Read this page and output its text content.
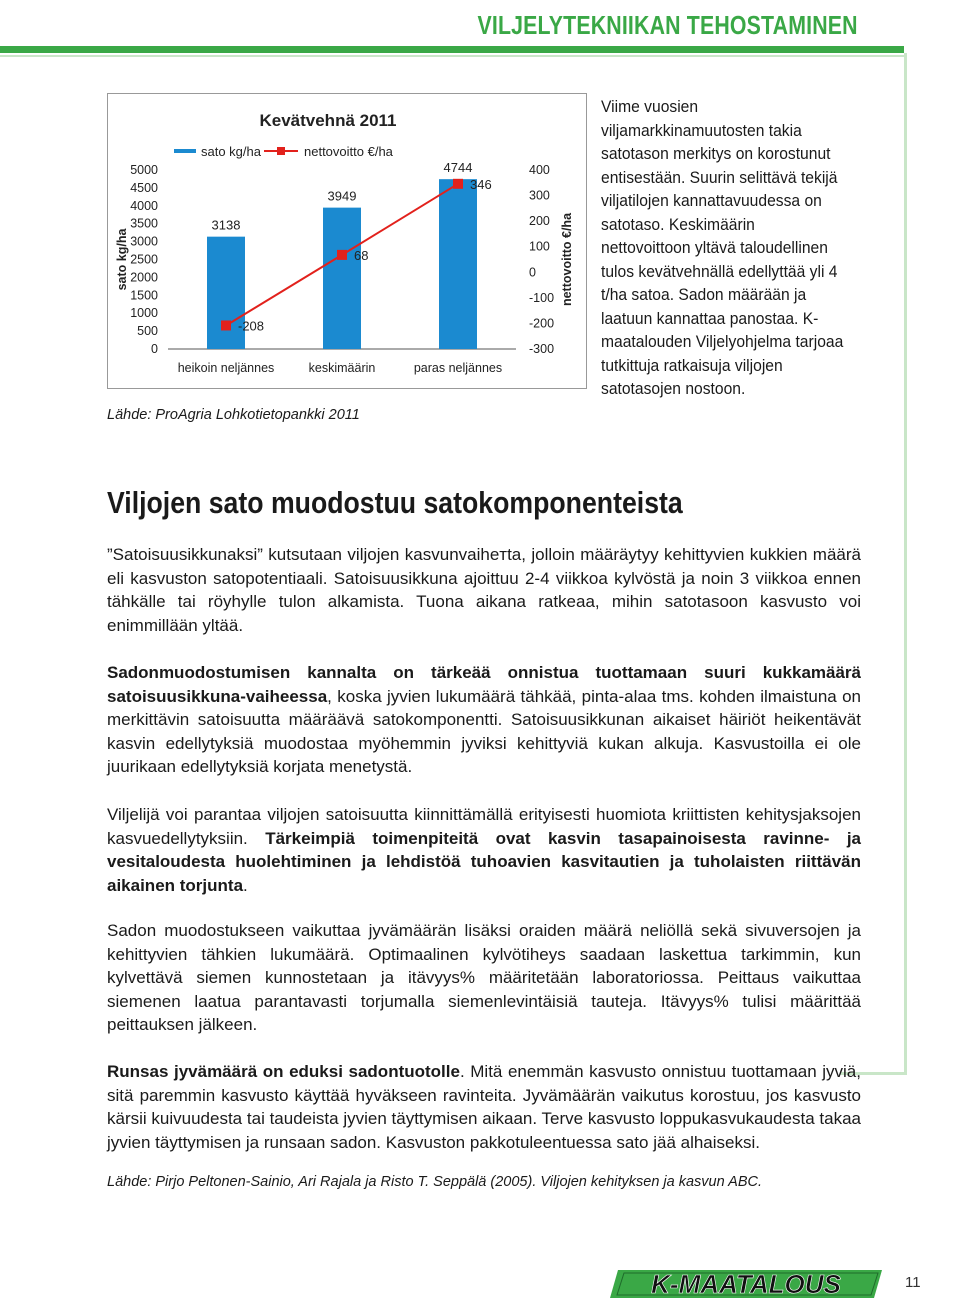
VILJELYTEKNIIKAN TEHOSTAMINEN
Kevätvehnä 2011
sato kg/ha	nettovoitto €/ha
5000
4500
4000
3500
3000
2500
2000
1500
1000
500
0
400
300
200
100
0
-100
-200
-300
sato kg/ha	nettovoitto €/ha
3138
heikoin neljännes
3949
keskimäärin
4744
paras neljännes
-208
68
346

Viime vuosien viljamarkkinamuutosten takia satotason merkitys on korostunut entisestään. Suurin selittävä tekijä viljatilojen kannattavuudessa on satotaso. Keskimäärin nettovoittoon yltävä taloudellinen tulos kevätvehnällä edellyttää yli 4 t/ha satoa. Sadon määrään ja laatuun kannattaa panostaa. K-maatalouden Viljelyohjelma tarjoaa tutkittuja ratkaisuja viljojen satotasojen nostoon.

Lähde: ProAgria Lohkotietopankki 2011
Viljojen sato muodostuu satokomponenteista

”Satoisuusikkunaksi” kutsutaan viljojen kasvunvaiheтta, jolloin määräytyy kehittyvien kukkien määrä eli kasvuston satopotentiaali. Satoisuusikkuna ajoittuu 2-4 viikkoa kylvöstä ja noin 3 viikkoa ennen tähkälle tai röyhylle tulon alkamista. Tuona aikana ratkeaa, mihin satotasoon kasvusto voi enimmillään yltää.

Sadonmuodostumisen kannalta on tärkeää onnistua tuottamaan suuri kukkamäärä satoisuusikkuna-vaiheessa, koska jyvien lukumäärä tähkää, pinta-alaa tms. kohden ilmaistuna on merkittävin satoisuutta määräävä satokomponentti. Satoisuusikkunan aikaiset häiriöt heikentävät kasvin edellytyksiä muodostaa myöhemmin jyviksi kehittyviä kukan alkuja. Kasvustoilla ei ole juurikaan edellytyksiä korjata menetystä.

Viljelijä voi parantaa viljojen satoisuutta kiinnittämällä erityisesti huomiota kriittisten kehitysjaksojen kasvuedellytyksiin. Tärkeimpiä toimenpiteitä ovat kasvin tasapainoisesta ravinne- ja vesitaloudesta huolehtiminen ja lehdistöä tuhoavien kasvitautien ja tuholaisten riittävän aikainen torjunta.

Sadon muodostukseen vaikuttaa jyvämäärän lisäksi oraiden määrä neliöllä sekä sivuversojen ja kehittyvien tähkien lukumäärä. Optimaalinen kylvötiheys saadaan laskettua tarkimmin, kun kylvettävä siemen kunnostetaan ja itävyys% määritetään laboratoriossa. Peittaus vaikuttaa siemenen laatua parantavasti torjumalla siemenlevintäisiä tauteja. Itävyys% tulisi määrittää peittauksen jälkeen.

Runsas jyvämäärä on eduksi sadontuotolle. Mitä enemmän kasvusto onnistuu tuottamaan jyviä, sitä paremmin kasvusto käyttää hyväkseen ravinteita. Jyvämäärän vaikutus korostuu, jos kasvusto kärsii kuivuudesta tai taudeista jyvien täyttymisen aikaan. Terve kasvusto loppukasvukaudesta takaa jyvien täyttymisen ja runsaan sadon. Kasvuston pakkotuleentuessa sato jää alhaiseksi.

Lähde: Pirjo Peltonen-Sainio, Ari Rajala ja Risto T. Seppälä (2005). Viljojen kehityksen ja kasvun ABC.
K-MAATALOUS	11
